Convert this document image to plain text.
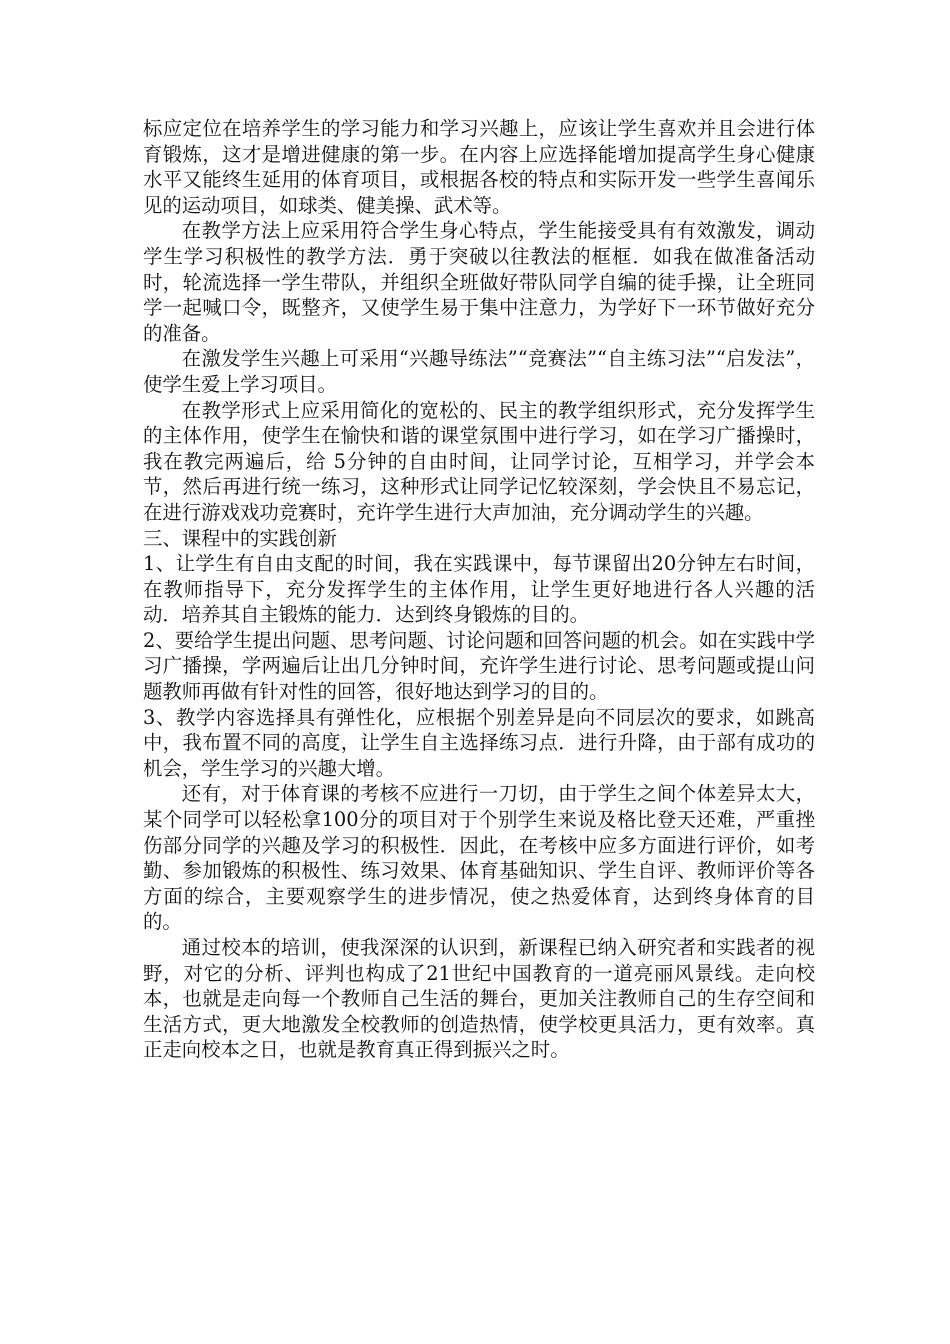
标应定位在培养学生的学习能力和学习兴趣上，应该让学生喜欢并且会进行体育锻炼，这才是增进健康的第一步。在内容上应选择能增加提高学生身心健康水平又能终生延用的体育项目，或根据各校的特点和实际开发一些学生喜闻乐见的运动项目，如球类、健美操、武术等。

在教学方法上应采用符合学生身心特点，学生能接受具有有效激发，调动学生学习积极性的教学方法．勇于突破以往教法的框框．如我在做准备活动时，轮流选择一学生带队，并组织全班做好带队同学自编的徒手操，让全班同学一起喊口令，既整齐，又使学生易于集中注意力，为学好下一环节做好充分的准备。

在激发学生兴趣上可采用“兴趣导练法”“竞赛法”“自主练习法”“启发法”，使学生爱上学习项目。

在教学形式上应采用简化的宽松的、民主的教学组织形式，充分发挥学生的主体作用，使学生在愉快和谐的课堂氛围中进行学习，如在学习广播操时，我在教完两遍后，给 5分钟的自由时间，让同学讨论，互相学习，并学会本节，然后再进行统一练习，这种形式让同学记忆较深刻，学会快且不易忘记，在进行游戏戏功竞赛时，充许学生进行大声加油，充分调动学生的兴趣。

三、课程中的实践创新

1、让学生有自由支配的时间，我在实践课中，每节课留出20分钟左右时间，在教师指导下，充分发挥学生的主体作用，让学生更好地进行各人兴趣的活动．培养其自主锻炼的能力．达到终身锻炼的目的。

2、要给学生提出问题、思考问题、讨论问题和回答问题的机会。如在实践中学习广播操，学两遍后让出几分钟时间，充许学生进行讨论、思考问题或提山问题教师再做有针对性的回答，很好地达到学习的目的。

3、教学内容选择具有弹性化，应根据个别差异是向不同层次的要求，如跳高中，我布置不同的高度，让学生自主选择练习点．进行升降，由于部有成功的机会，学生学习的兴趣大增。

还有，对于体育课的考核不应进行一刀切，由于学生之间个体差异太大，某个同学可以轻松拿100分的项目对于个别学生来说及格比登天还难，严重挫伤部分同学的兴趣及学习的积极性．因此，在考核中应多方面进行评价，如考勤、参加锻炼的积极性、练习效果、体育基础知识、学生自评、教师评价等各方面的综合，主要观察学生的进步情况，使之热爱体育，达到终身体育的目的。

通过校本的培训，使我深深的认识到，新课程已纳入研究者和实践者的视野，对它的分析、评判也构成了21世纪中国教育的一道亮丽风景线。走向校本，也就是走向每一个教师自己生活的舞台，更加关注教师自己的生存空间和生活方式，更大地激发全校教师的创造热情，使学校更具活力，更有效率。真正走向校本之日，也就是教育真正得到振兴之时。
